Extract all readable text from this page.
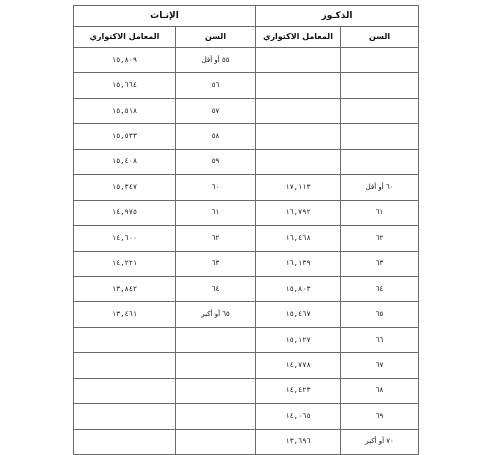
الذكـور		الإنـاث	
السن	المعامل الاكتواري	السن	المعامل الاكتواري
		٥٥ أو أقل	١٥,٨٠٩
		٥٦	١٥,٦٦٤
		٥٧	١٥,٥١٨
		٥٨	١٥,٥٣٣
		٥٩	١٥,٤٠٨
٦٠ أو أقل	١٧,١١٣	٦٠	١٥,٣٤٧
٦١	١٦,٧٩٢	٦١	١٤,٩٧٥
٦٢	١٦,٤٦٨	٦٢	١٤,٦٠٠
٦٣	١٦,١٣٩	٦٣	١٤,٢٢١
٦٤	١٥,٨٠٣	٦٤	١٣,٨٤٢
٦٥	١٥,٤٦٧	٦٥ أو أكبر	١٣,٤٦١
٦٦	١٥,١٢٧		
٦٧	١٤,٧٧٨		
٦٨	١٤,٤٢٣		
٦٩	١٤,٠٦٥		
٧٠ أو أكبر	١٣,٦٩٦		
